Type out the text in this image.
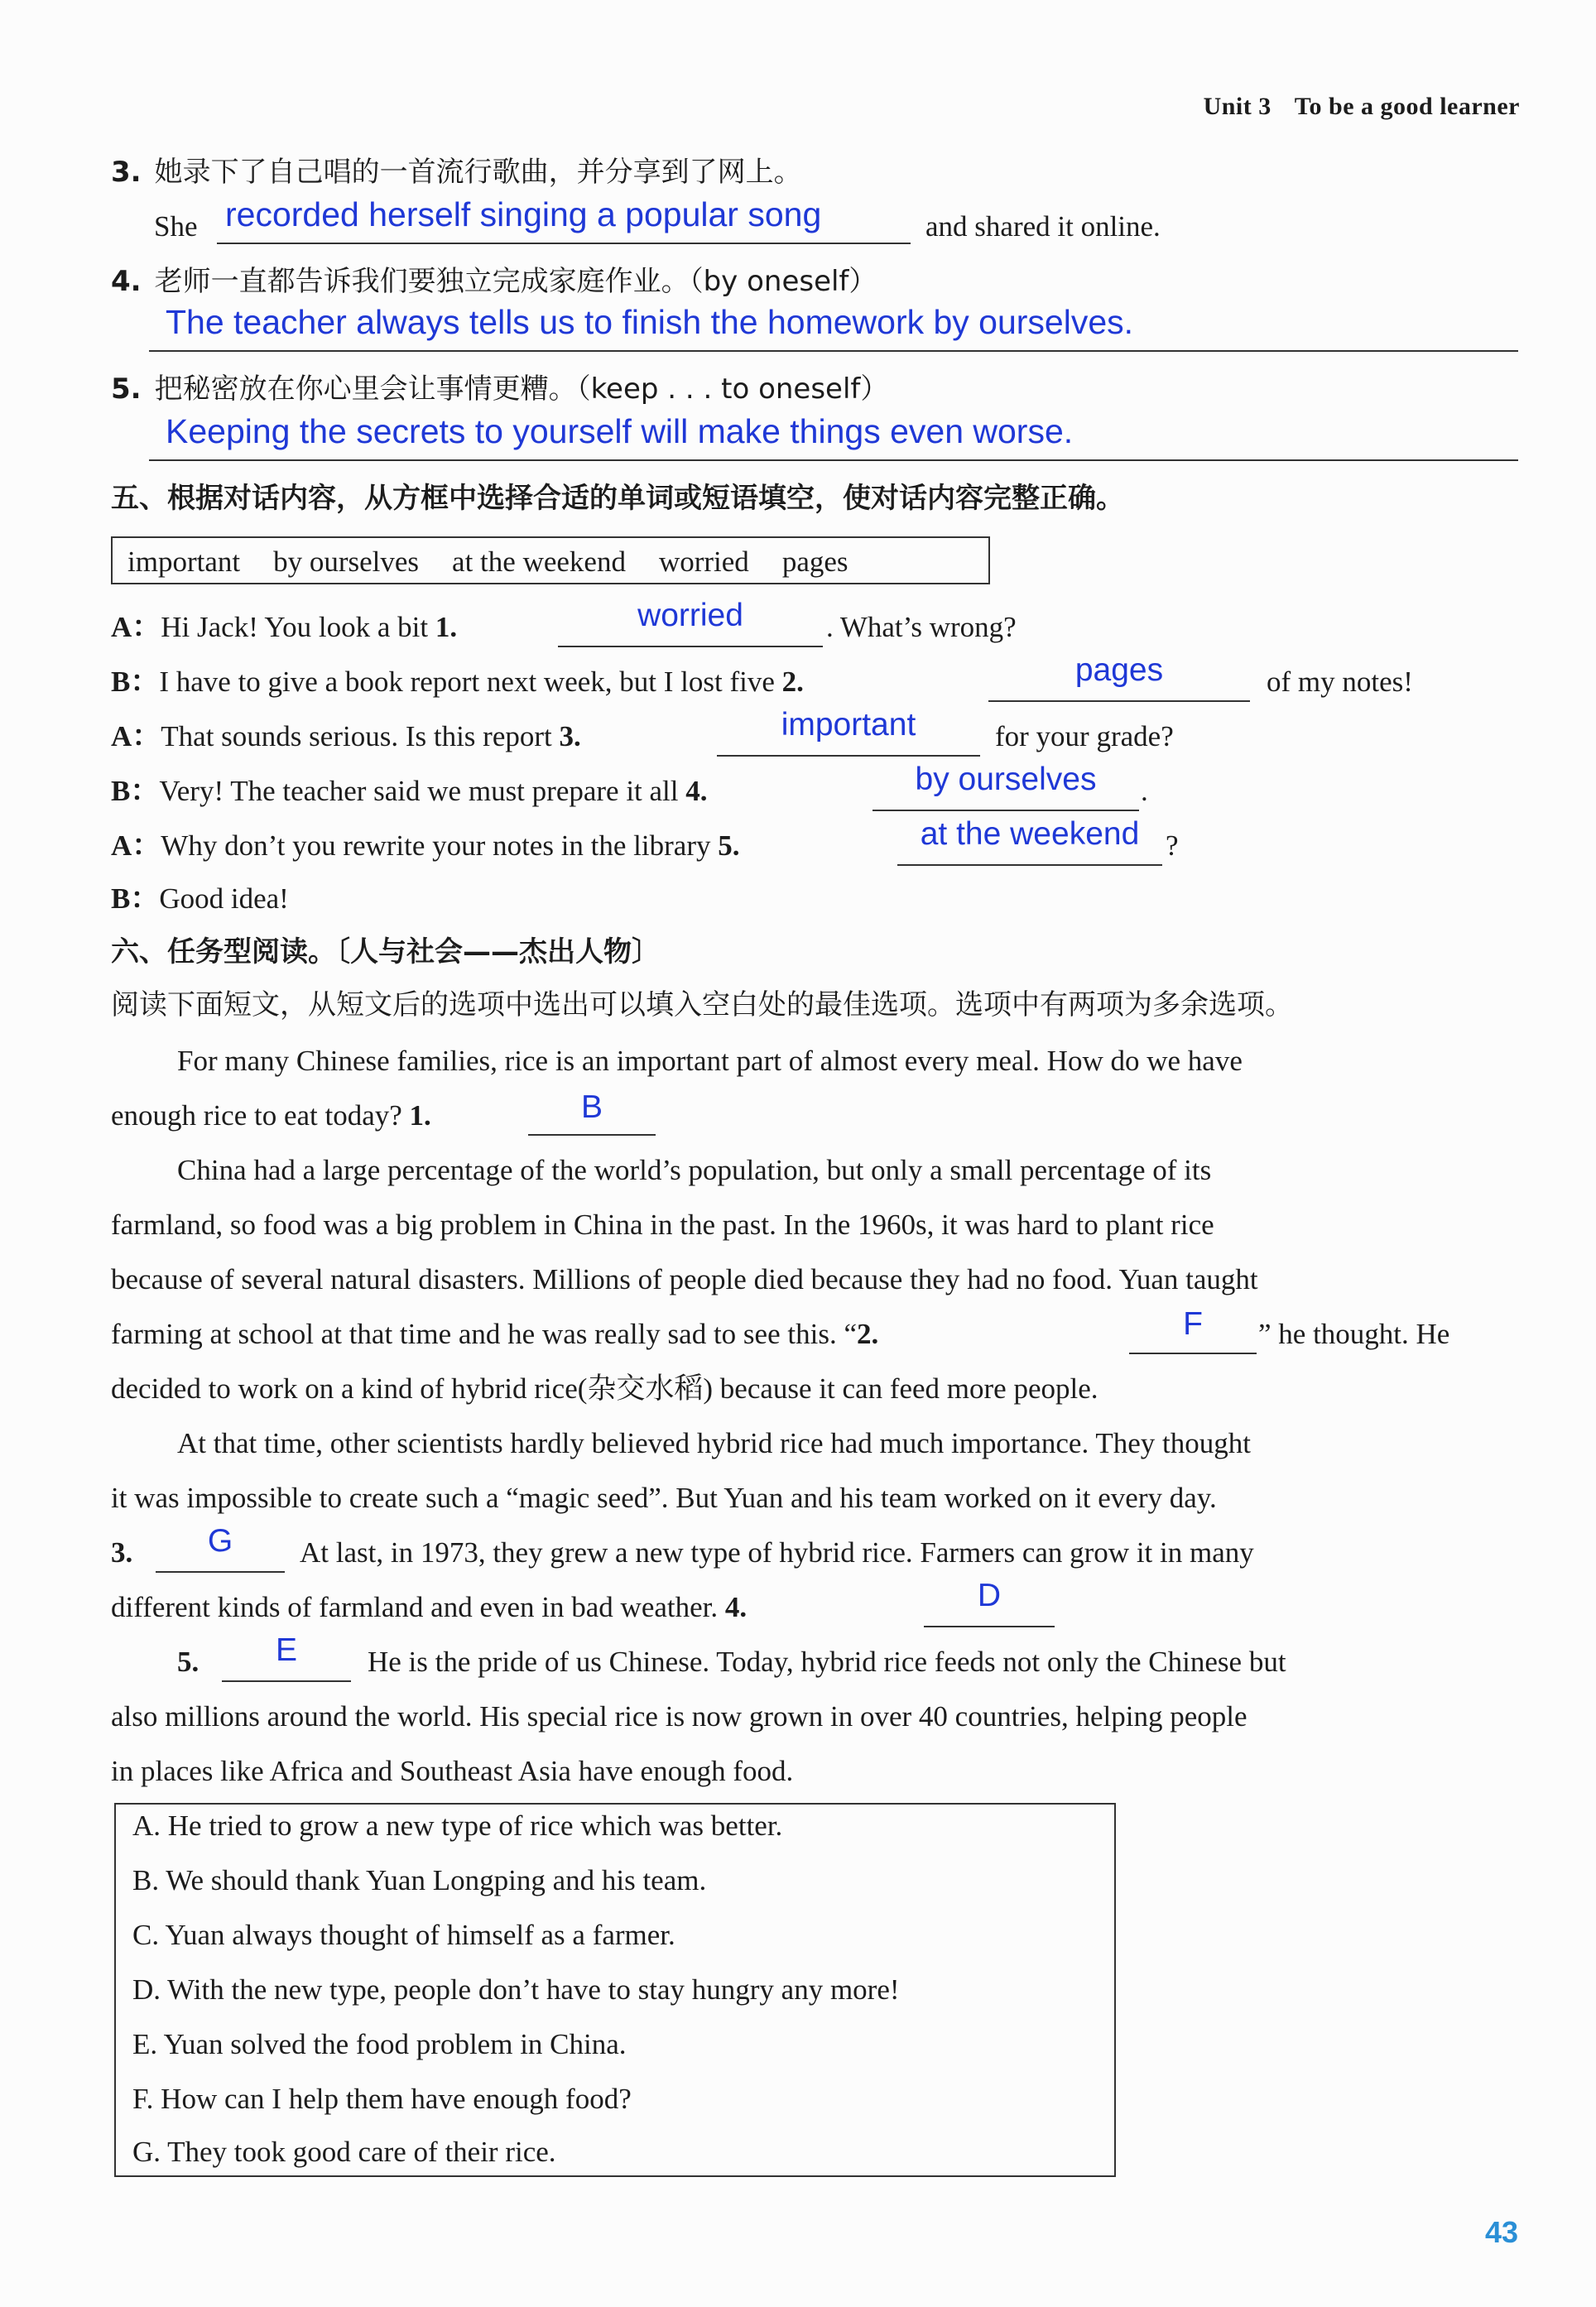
Unit 3 To be a good learner
3. 她录下了自己唱的一首流行歌曲，并分享到了网上。
She recorded herself singing a popular song	and shared it online.
4. 老师一直都告诉我们要独立完成家庭作业。（by oneself）
The teacher always tells us to finish the homework by ourselves.
5. 把秘密放在你心里会让事情更糟。（keep . . . to oneself）
Keeping the secrets to yourself will make things even worse.
五、根据对话内容，从方框中选择合适的单词或短语填空，使对话内容完整正确。
important by ourselves at the weekend worried pages
A：Hi Jack! You look a bit 1.	worried	. What’s wrong?
B：I have to give a book report next week, but I lost five 2.	pages	of my notes!
A：That sounds serious. Is this report 3.	important	for your grade?
B：Very! The teacher said we must prepare it all 4.	by ourselves	.
A：Why don’t you rewrite your notes in the library 5.	at the weekend ?
B：Good idea!
六、任务型阅读。〔人与社会——杰出人物〕
阅读下面短文，从短文后的选项中选出可以填入空白处的最佳选项。选项中有两项为多余选项。
For many Chinese families, rice is an important part of almost every meal. How do we have
enough rice to eat today? 1.	B
China had a large percentage of the world’s population, but only a small percentage of its
farmland, so food was a big problem in China in the past. In the 1960s, it was hard to plant rice
because of several natural disasters. Millions of people died because they had no food. Yuan taught
farming at school at that time and he was really sad to see this. “2.	F	” he thought. He
decided to work on a kind of hybrid rice(杂交水稻) because it can feed more people.
At that time, other scientists hardly believed hybrid rice had much importance. They thought
it was impossible to create such a “magic seed”. But Yuan and his team worked on it every day.
3.	G	At last, in 1973, they grew a new type of hybrid rice. Farmers can grow it in many
different kinds of farmland and even in bad weather. 4.	D
5.	E	He is the pride of us Chinese. Today, hybrid rice feeds not only the Chinese but
also millions around the world. His special rice is now grown in over 40 countries, helping people
in places like Africa and Southeast Asia have enough food.
A. He tried to grow a new type of rice which was better.
B. We should thank Yuan Longping and his team.
C. Yuan always thought of himself as a farmer.
D. With the new type, people don’t have to stay hungry any more!
E. Yuan solved the food problem in China.
F. How can I help them have enough food?
G. They took good care of their rice.
43
